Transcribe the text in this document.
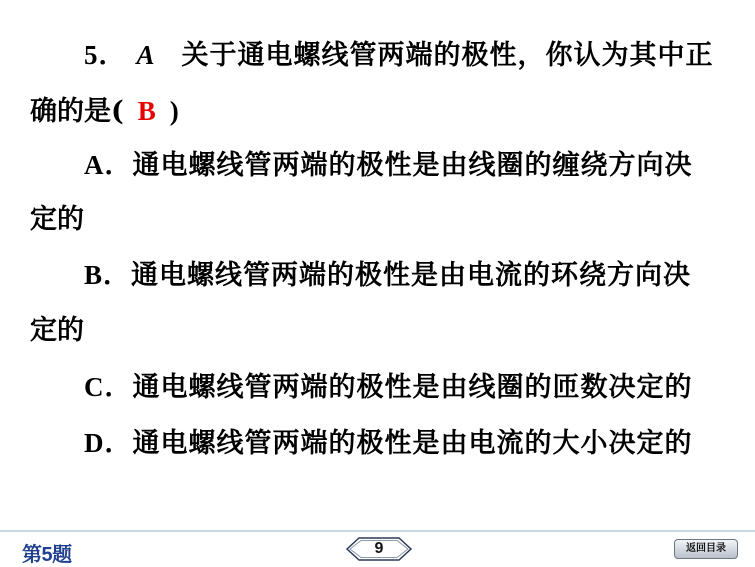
5． A 关于通电螺线管两端的极性，你认为其中正
确的是( B )
A．通电螺线管两端的极性是由线圈的缠绕方向决
定的
B．通电螺线管两端的极性是由电流的环绕方向决
定的
C．通电螺线管两端的极性是由线圈的匝数决定的
D．通电螺线管两端的极性是由电流的大小决定的
第5题	9	返回目录
